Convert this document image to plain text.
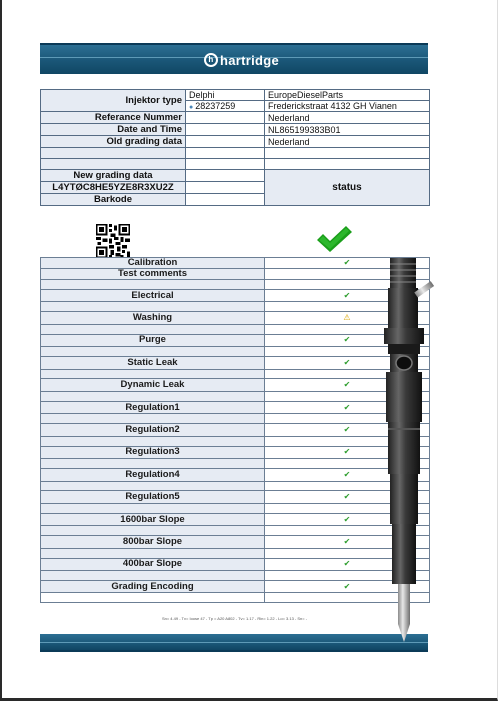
h hartridge
Injektor type	Delphi	EuropeDieselParts
	● 28237259	Frederickstraat 4132 GH Vianen
Referance Nummer		Nederland
Date and Time		NL865199383B01
Old grading data		Nederland

New grading data		status
L4YTØC8HE5YZE8R3XU2Z		
Barkode		
Calibration	✔
Test comments	

Electrical	✔

Washing	⚠

Purge	✔

Static Leak	✔

Dynamic Leak	✔

Regulation1	✔

Regulation2	✔

Regulation3	✔

Regulation4	✔

Regulation5	✔

1600bar Slope	✔

800bar Slope	✔

400bar Slope	✔

Grading Encoding	✔

Sn= 4.49 - Tv= Ioose 47 - Tp = A20 A802 - Tv= 1.17 - Rin= 1.22 - Lo= 3.13 - Sn= -
